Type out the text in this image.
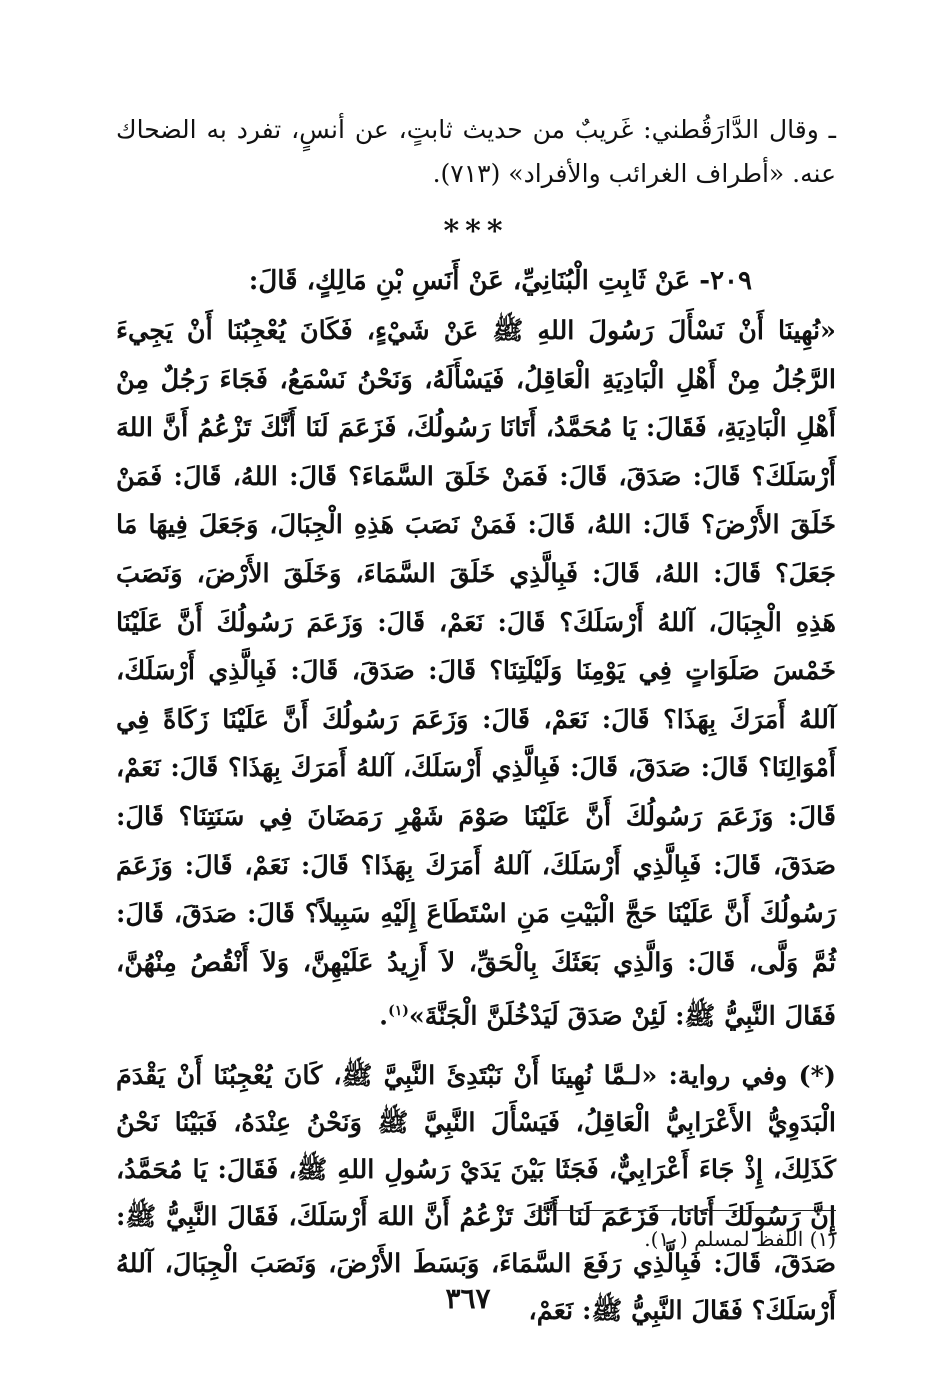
ـ وقال الدَّارَقُطني: غَريبٌ من حديث ثابتٍ، عن أنسٍ، تفرد به الضحاك عنه. «أطراف الغرائب والأفراد» (٧١٣).

***

٢٠٩- عَنْ ثَابِتِ الْبُنَانِيِّ، عَنْ أَنَسِ بْنِ مَالِكٍ، قَالَ:

«نُهِينَا أَنْ نَسْأَلَ رَسُولَ اللهِ ﷺ عَنْ شَيْءٍ، فَكَانَ يُعْجِبُنَا أَنْ يَجِيءَ الرَّجُلُ مِنْ أَهْلِ الْبَادِيَةِ الْعَاقِلُ، فَيَسْأَلَهُ، وَنَحْنُ نَسْمَعُ، فَجَاءَ رَجُلٌ مِنْ أَهْلِ الْبَادِيَةِ، فَقَالَ: يَا مُحَمَّدُ، أَتَانَا رَسُولُكَ، فَزَعَمَ لَنَا أَنَّكَ تَزْعُمُ أَنَّ اللهَ أَرْسَلَكَ؟ قَالَ: صَدَقَ، قَالَ: فَمَنْ خَلَقَ السَّمَاءَ؟ قَالَ: اللهُ، قَالَ: فَمَنْ خَلَقَ الأَرْضَ؟ قَالَ: اللهُ، قَالَ: فَمَنْ نَصَبَ هَذِهِ الْجِبَالَ، وَجَعَلَ فِيهَا مَا جَعَلَ؟ قَالَ: اللهُ، قَالَ: فَبِالَّذِي خَلَقَ السَّمَاءَ، وَخَلَقَ الأَرْضَ، وَنَصَبَ هَذِهِ الْجِبَالَ، آللهُ أَرْسَلَكَ؟ قَالَ: نَعَمْ، قَالَ: وَزَعَمَ رَسُولُكَ أَنَّ عَلَيْنَا خَمْسَ صَلَوَاتٍ فِي يَوْمِنَا وَلَيْلَتِنَا؟ قَالَ: صَدَقَ، قَالَ: فَبِالَّذِي أَرْسَلَكَ، آللهُ أَمَرَكَ بِهَذَا؟ قَالَ: نَعَمْ، قَالَ: وَزَعَمَ رَسُولُكَ أَنَّ عَلَيْنَا زَكَاةً فِي أَمْوَالِنَا؟ قَالَ: صَدَقَ، قَالَ: فَبِالَّذِي أَرْسَلَكَ، آللهُ أَمَرَكَ بِهَذَا؟ قَالَ: نَعَمْ، قَالَ: وَزَعَمَ رَسُولُكَ أَنَّ عَلَيْنَا صَوْمَ شَهْرِ رَمَضَانَ فِي سَنَتِنَا؟ قَالَ: صَدَقَ، قَالَ: فَبِالَّذِي أَرْسَلَكَ، آللهُ أَمَرَكَ بِهَذَا؟ قَالَ: نَعَمْ، قَالَ: وَزَعَمَ رَسُولُكَ أَنَّ عَلَيْنَا حَجَّ الْبَيْتِ مَنِ اسْتَطَاعَ إِلَيْهِ سَبِيلاً؟ قَالَ: صَدَقَ، قَالَ: ثُمَّ وَلَّى، قَالَ: وَالَّذِي بَعَثَكَ بِالْحَقِّ، لاَ أَزِيدُ عَلَيْهِنَّ، وَلاَ أَنْقُصُ مِنْهُنَّ، فَقَالَ النَّبِيُّ ﷺ: لَئِنْ صَدَقَ لَيَدْخُلَنَّ الْجَنَّةَ»$^{(١)}$.

(*) وفي رواية: «لـمَّا نُهِينَا أَنْ نَبْتَدِئَ النَّبِيَّ ﷺ، كَانَ يُعْجِبُنَا أَنْ يَقْدَمَ الْبَدَوِيُّ الأَعْرَابِيُّ الْعَاقِلُ، فَيَسْأَلَ النَّبِيَّ ﷺ وَنَحْنُ عِنْدَهُ، فَبَيْنَا نَحْنُ كَذَلِكَ، إِذْ جَاءَ أَعْرَابِيٌّ، فَجَثَا بَيْنَ يَدَيْ رَسُولِ اللهِ ﷺ، فَقَالَ: يَا مُحَمَّدُ، إِنَّ رَسُولَكَ أَتَانَا، فَزَعَمَ لَنَا أَنَّكَ تَزْعُمُ أَنَّ اللهَ أَرْسَلَكَ، فَقَالَ النَّبِيُّ ﷺ: صَدَقَ، قَالَ: فَبِالَّذِي رَفَعَ السَّمَاءَ، وَبَسَطَ الأَرْضَ، وَنَصَبَ الْجِبَالَ، آللهُ أَرْسَلَكَ؟ فَقَالَ النَّبِيُّ ﷺ: نَعَمْ،

(١) اللفظ لمسلم (١٠).

٣٦٧
